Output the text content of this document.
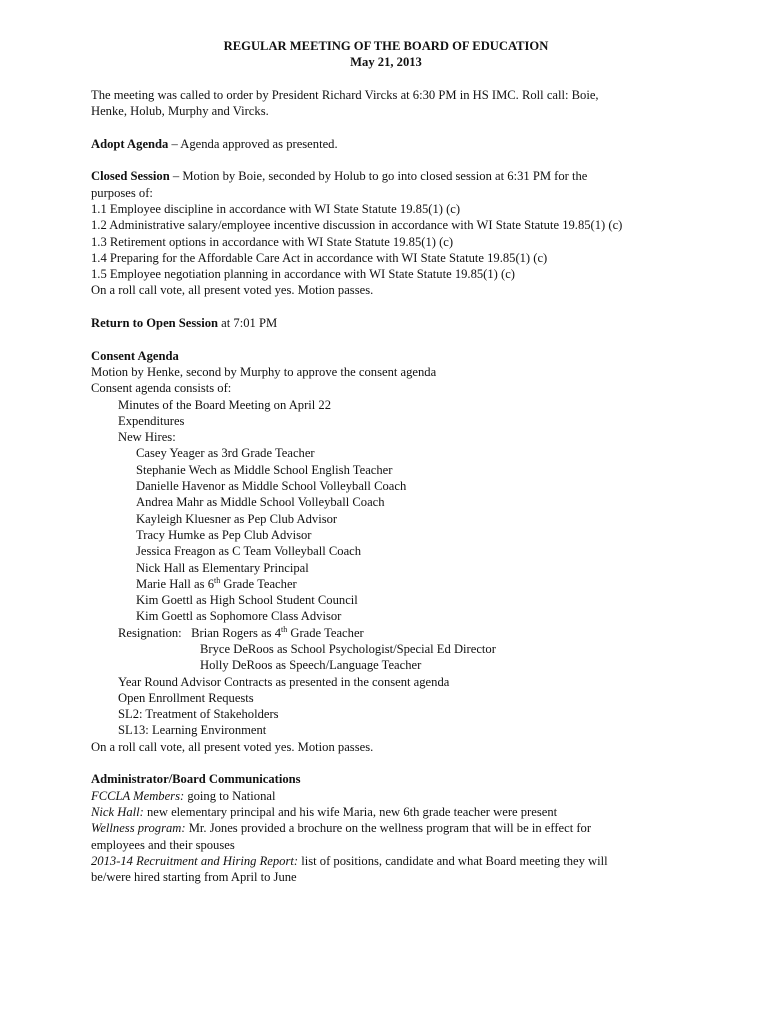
REGULAR MEETING OF THE BOARD OF EDUCATION
May 21, 2013
The meeting was called to order by President Richard Vircks at 6:30 PM in HS IMC. Roll call: Boie,
Henke, Holub, Murphy and Vircks.
Adopt Agenda – Agenda approved as presented.
Closed Session – Motion by Boie, seconded by Holub to go into closed session at 6:31 PM for the
purposes of:
1.1 Employee discipline in accordance with WI State Statute 19.85(1) (c)
1.2 Administrative salary/employee incentive discussion in accordance with WI State Statute 19.85(1) (c)
1.3 Retirement options in accordance with WI State Statute 19.85(1) (c)
1.4 Preparing for the Affordable Care Act in accordance with WI State Statute 19.85(1) (c)
1.5 Employee negotiation planning in accordance with WI State Statute 19.85(1) (c)
On a roll call vote, all present voted yes. Motion passes.
Return to Open Session at 7:01 PM
Consent Agenda
Motion by Henke, second by Murphy to approve the consent agenda
Consent agenda consists of:
Minutes of the Board Meeting on April 22
Expenditures
New Hires:
Casey Yeager as 3rd Grade Teacher
Stephanie Wech as Middle School English Teacher
Danielle Havenor as Middle School Volleyball Coach
Andrea Mahr as Middle School Volleyball Coach
Kayleigh Kluesner as Pep Club Advisor
Tracy Humke as Pep Club Advisor
Jessica Freagon as C Team Volleyball Coach
Nick Hall as Elementary Principal
Marie Hall as 6th Grade Teacher
Kim Goettl as High School Student Council
Kim Goettl as Sophomore Class Advisor
Resignation:   Brian Rogers as 4th Grade Teacher
Bryce DeRoos as School Psychologist/Special Ed Director
Holly DeRoos as Speech/Language Teacher
Year Round Advisor Contracts as presented in the consent agenda
Open Enrollment Requests
SL2: Treatment of Stakeholders
SL13: Learning Environment
On a roll call vote, all present voted yes. Motion passes.
Administrator/Board Communications
FCCLA Members: going to National
Nick Hall: new elementary principal and his wife Maria, new 6th grade teacher were present
Wellness program: Mr. Jones provided a brochure on the wellness program that will be in effect for
employees and their spouses
2013-14 Recruitment and Hiring Report: list of positions, candidate and what Board meeting they will
be/were hired starting from April to June
